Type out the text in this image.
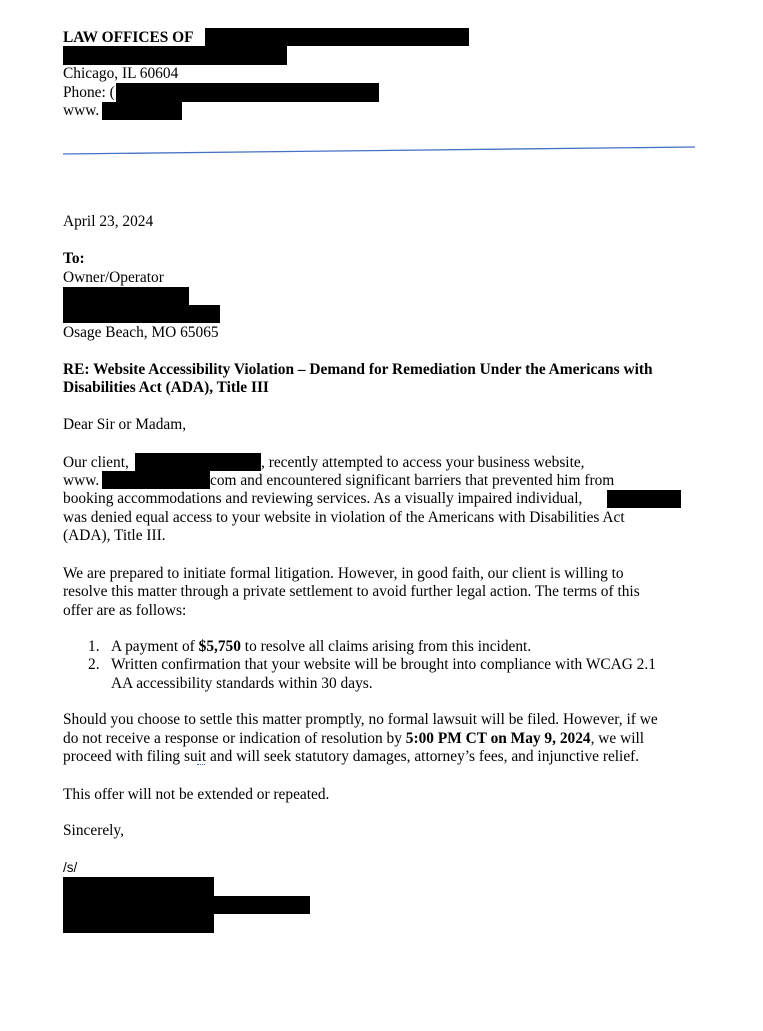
LAW OFFICES OF
Chicago, IL 60604
Phone: (
www.
April 23, 2024
To:
Owner/Operator
Osage Beach, MO 65065
RE: Website Accessibility Violation – Demand for Remediation Under the Americans with
Disabilities Act (ADA), Title III
Dear Sir or Madam,
Our client,	, recently attempted to access your business website,
www.	com and encountered significant barriers that prevented him from
booking accommodations and reviewing services. As a visually impaired individual,
was denied equal access to your website in violation of the Americans with Disabilities Act
(ADA), Title III.
We are prepared to initiate formal litigation. However, in good faith, our client is willing to
resolve this matter through a private settlement to avoid further legal action. The terms of this
offer are as follows:
1. A payment of $5,750 to resolve all claims arising from this incident.
2. Written confirmation that your website will be brought into compliance with WCAG 2.1
AA accessibility standards within 30 days.
Should you choose to settle this matter promptly, no formal lawsuit will be filed. However, if we
do not receive a response or indication of resolution by 5:00 PM CT on May 9, 2024, we will
proceed with filing suit and will seek statutory damages, attorney’s fees, and injunctive relief.
This offer will not be extended or repeated.
Sincerely,
/s/
